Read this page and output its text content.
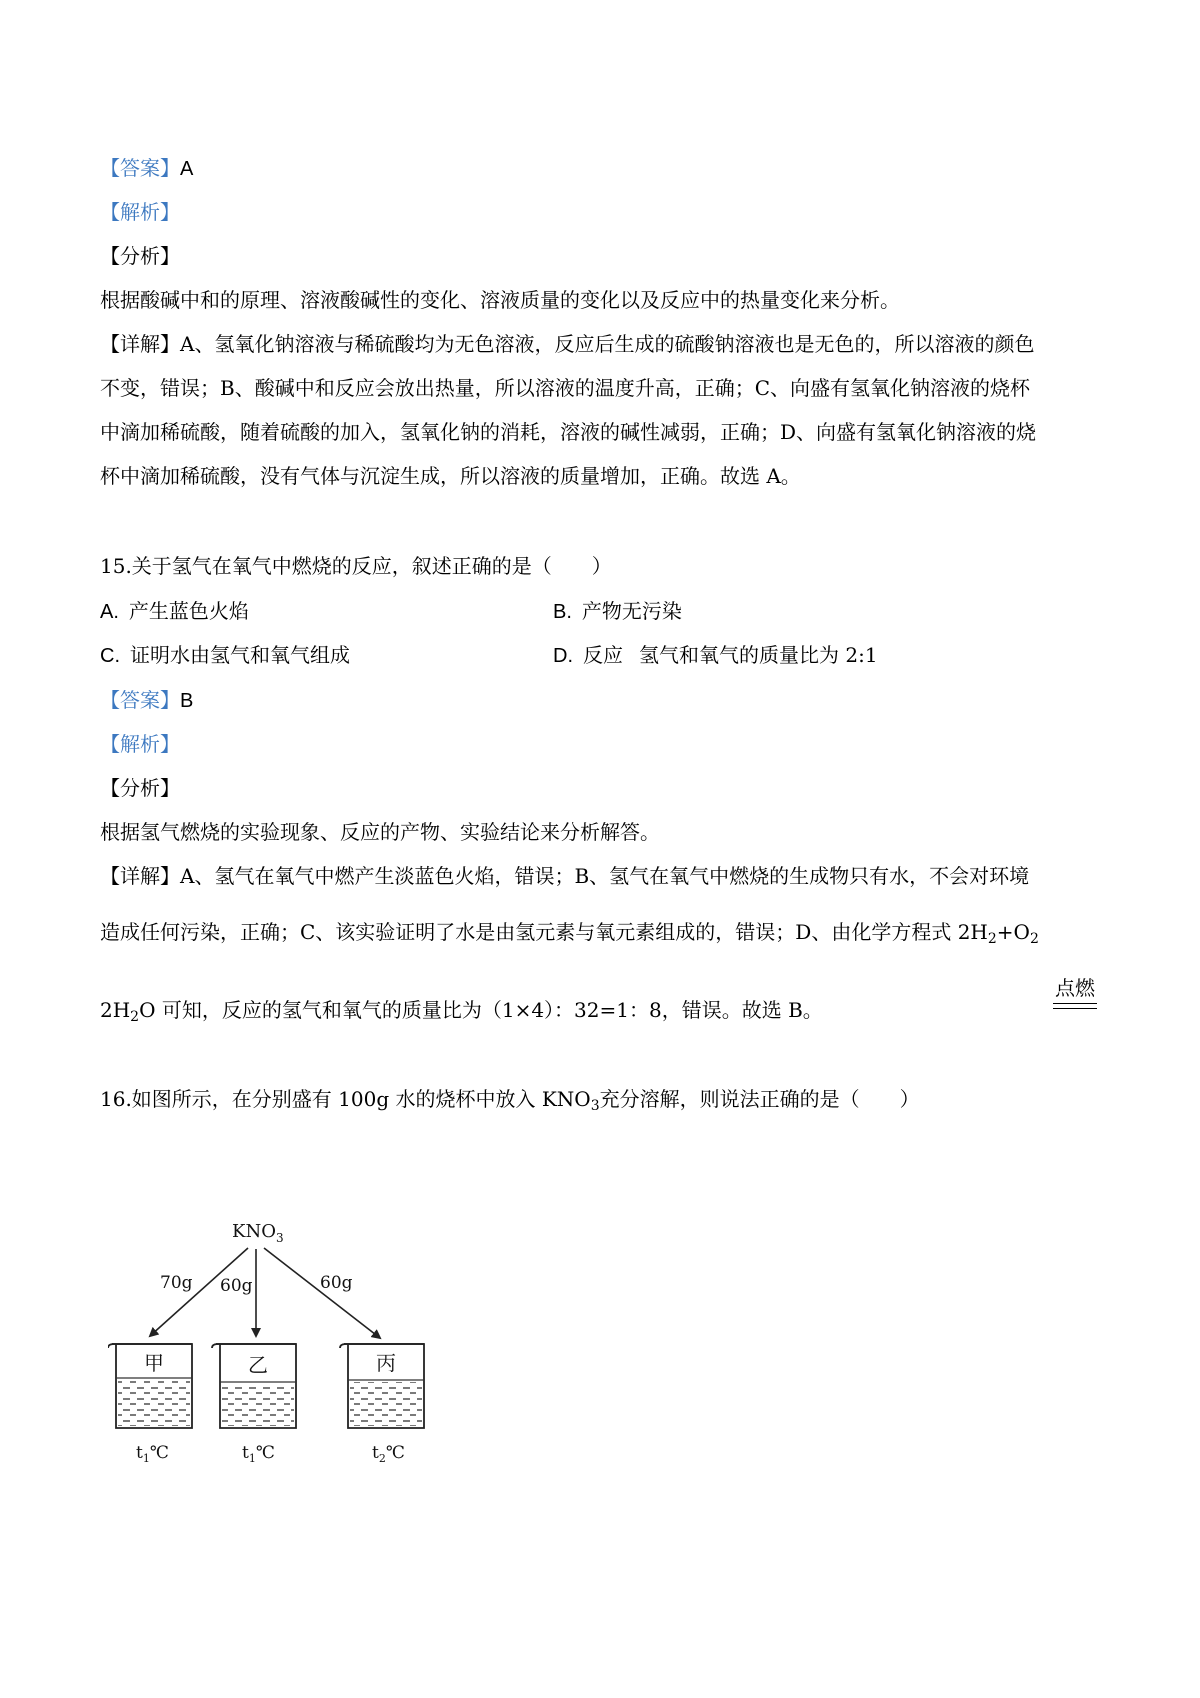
【答案】A
【解析】
【分析】
根据酸碱中和的原理、溶液酸碱性的变化、溶液质量的变化以及反应中的热量变化来分析。
【详解】A、氢氧化钠溶液与稀硫酸均为无色溶液，反应后生成的硫酸钠溶液也是无色的，所以溶液的颜色
不变，错误；B、酸碱中和反应会放出热量，所以溶液的温度升高，正确；C、向盛有氢氧化钠溶液的烧杯
中滴加稀硫酸，随着硫酸的加入，氢氧化钠的消耗，溶液的碱性减弱，正确；D、向盛有氢氧化钠溶液的烧
杯中滴加稀硫酸，没有气体与沉淀生成，所以溶液的质量增加，正确。故选 A。
15.关于氢气在氧气中燃烧的反应，叙述正确的是（　　）
A. 产生蓝色火焰	B. 产物无污染
C. 证明水由氢气和氧气组成	D. 反应 氢气和氧气的质量比为 2:1
【答案】B
【解析】
【分析】
根据氢气燃烧的实验现象、反应的产物、实验结论来分析解答。
【详解】A、氢气在氧气中燃产生淡蓝色火焰，错误；B、氢气在氧气中燃烧的生成物只有水，不会对环境
造成任何污染，正确；C、该实验证明了水是由氢元素与氧元素组成的，错误；D、由化学方程式 $2H_2+O_2$
点燃
$2H_2O$ 可知，反应的氢气和氧气的质量比为（1×4）：32=1：8，错误。故选 B。
16.如图所示，在分别盛有 100g 水的烧杯中放入 $KNO_3$充分溶解，则说法正确的是（　　）
$KNO_3$
70g 60g	60g
甲
$t_1℃$
乙
$t_1℃$
丙
$t_2℃$
